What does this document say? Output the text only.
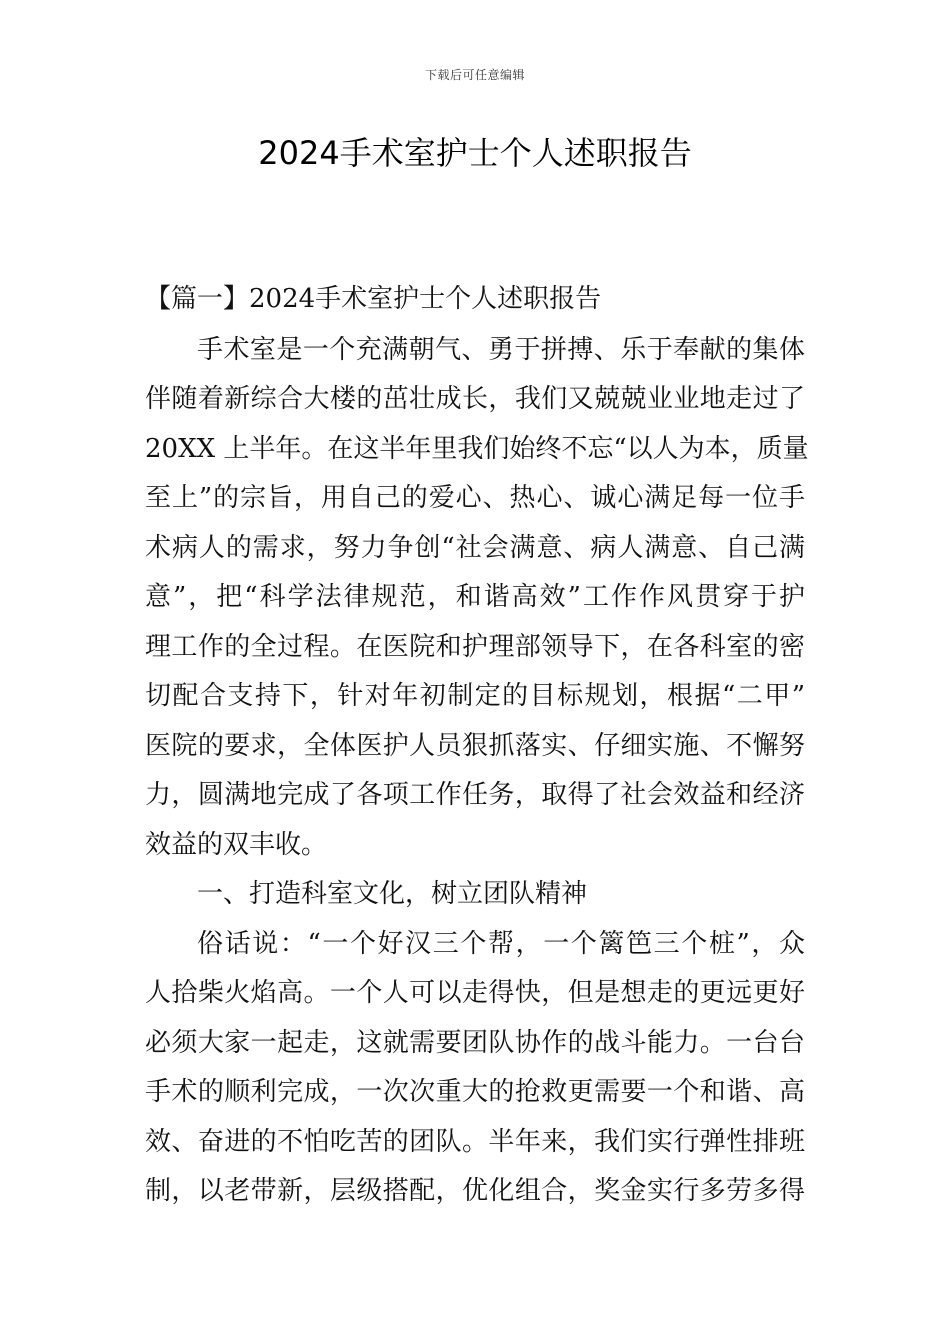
下载后可任意编辑
2024手术室护士个人述职报告
【篇一】2024手术室护士个人述职报告
手术室是一个充满朝气、勇于拼搏、乐于奉献的集体
伴随着新综合大楼的茁壮成长，我们又兢兢业业地走过了
20XX 上半年。在这半年里我们始终不忘“以人为本，质量
至上”的宗旨，用自己的爱心、热心、诚心满足每一位手
术病人的需求，努力争创“社会满意、病人满意、自己满
意”，把“科学法律规范，和谐高效”工作作风贯穿于护
理工作的全过程。在医院和护理部领导下，在各科室的密
切配合支持下，针对年初制定的目标规划，根据“二甲”
医院的要求，全体医护人员狠抓落实、仔细实施、不懈努
力，圆满地完成了各项工作任务，取得了社会效益和经济
效益的双丰收。
一、打造科室文化，树立团队精神
俗话说：“一个好汉三个帮，一个篱笆三个桩”，众
人拾柴火焰高。一个人可以走得快，但是想走的更远更好
必须大家一起走，这就需要团队协作的战斗能力。一台台
手术的顺利完成，一次次重大的抢救更需要一个和谐、高
效、奋进的不怕吃苦的团队。半年来，我们实行弹性排班
制，以老带新，层级搭配，优化组合，奖金实行多劳多得
